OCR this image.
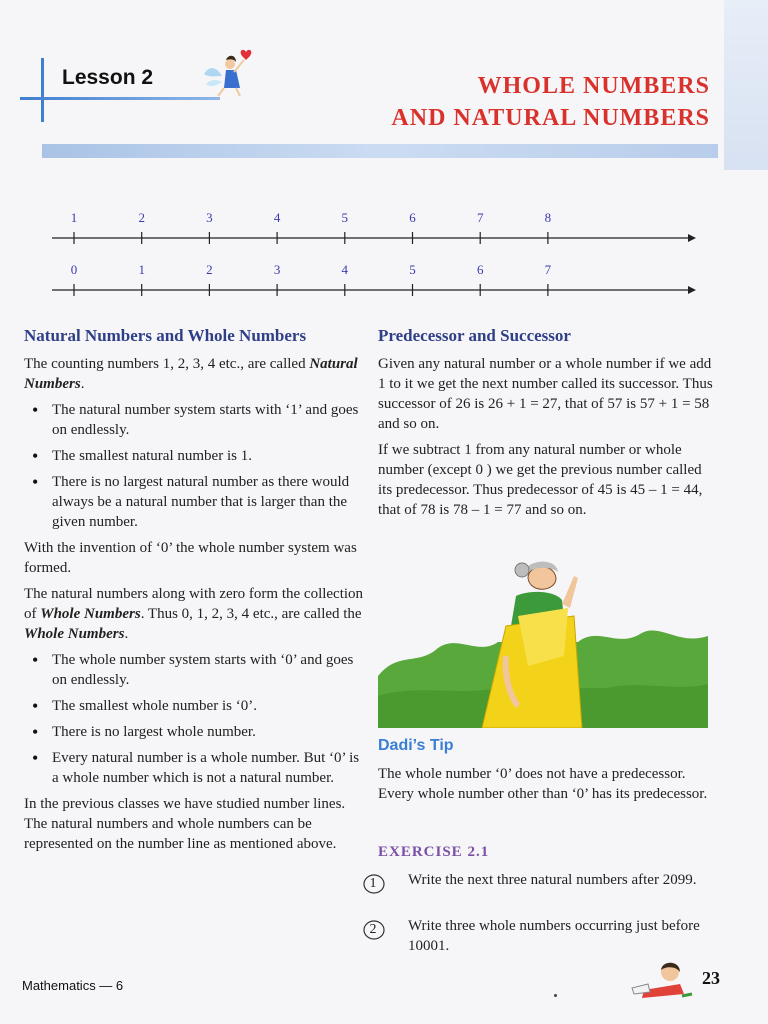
Lesson 2	WHOLE NUMBERS
AND NATURAL NUMBERS
1	2	3	4	5	6	7	8
0	1	2	3	4	5	6	7
Natural Numbers and Whole Numbers

The counting numbers 1, 2, 3, 4 etc., are called Natural Numbers.

• The natural number system starts with ‘1’ and goes on endlessly.
• The smallest natural number is 1.
• There is no largest natural number as there would always be a natural number that is larger than the given number.

With the invention of ‘0’ the whole number system was formed.

The natural numbers along with zero form the collection of Whole Numbers. Thus 0, 1, 2, 3, 4 etc., are called the Whole Numbers.

• The whole number system starts with ‘0’ and goes on endlessly.
• The smallest whole number is ‘0’.
• There is no largest whole number.
• Every natural number is a whole number. But ‘0’ is a whole number which is not a natural number.

In the previous classes we have studied number lines. The natural numbers and whole numbers can be represented on the number line as mentioned above.

Predecessor and Successor

Given any natural number or a whole number if we add 1 to it we get the next number called its successor. Thus successor of 26 is 26 + 1 = 27, that of 57 is 57 + 1 = 58 and so on.

If we subtract 1 from any natural number or whole number (except 0 ) we get the previous number called its predecessor. Thus predecessor of 45 is 45 – 1 = 44, that of 78 is 78 – 1 = 77 and so on.

Dadi’s Tip
The whole number ‘0’ does not have a predecessor. Every whole number other than ‘0’ has its predecessor.
EXERCISE 2.1
1	Write the next three natural numbers after 2099.
2	Write three whole numbers occurring just before 10001.
Mathematics — 6	23
